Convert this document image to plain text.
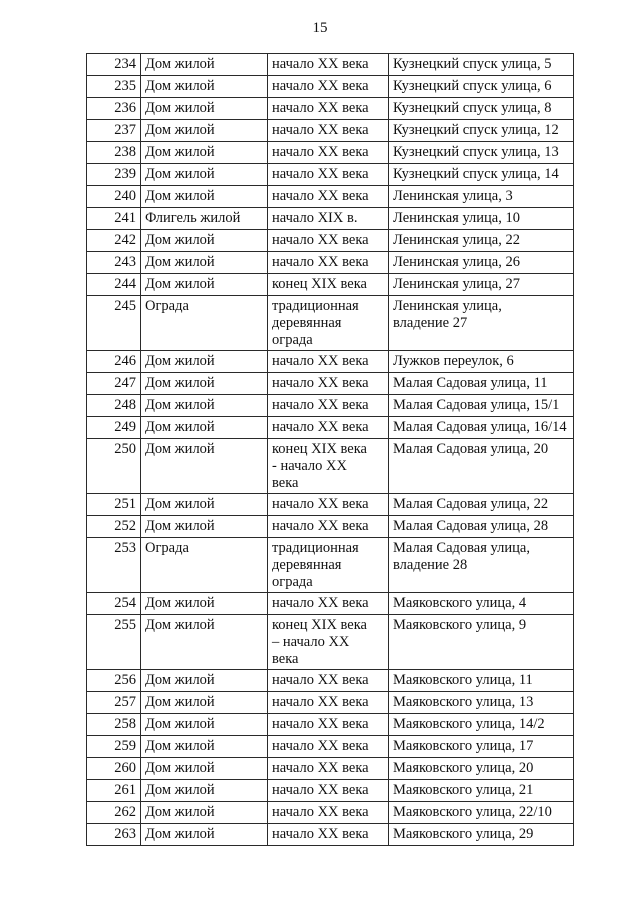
15
234	Дом жилой	начало XX века	Кузнецкий спуск улица, 5
235	Дом жилой	начало XX века	Кузнецкий спуск улица, 6
236	Дом жилой	начало XX века	Кузнецкий спуск улица, 8
237	Дом жилой	начало XX века	Кузнецкий спуск улица, 12
238	Дом жилой	начало XX века	Кузнецкий спуск улица, 13
239	Дом жилой	начало XX века	Кузнецкий спуск улица, 14
240	Дом жилой	начало XX века	Ленинская улица, 3
241	Флигель жилой	начало XIX в.	Ленинская улица, 10
242	Дом жилой	начало XX века	Ленинская улица, 22
243	Дом жилой	начало XX века	Ленинская улица, 26
244	Дом жилой	конец XIX века	Ленинская улица, 27
245	Ограда	традиционная
деревянная
ограда	Ленинская улица,
владение 27

246	Дом жилой	начало XX века	Лужков переулок, 6
247	Дом жилой	начало XX века	Малая Садовая улица, 11
248	Дом жилой	начало XX века	Малая Садовая улица, 15/1
249	Дом жилой	начало XX века	Малая Садовая улица, 16/14
250	Дом жилой	конец XIX века
- начало XX
века	Малая Садовая улица, 20
251	Дом жилой	начало XX века	Малая Садовая улица, 22
252	Дом жилой	начало XX века	Малая Садовая улица, 28
253	Ограда	традиционная
деревянная
ограда	Малая Садовая улица,
владение 28

254	Дом жилой	начало XX века	Маяковского улица, 4
255	Дом жилой	конец XIX века
– начало XX
века	Маяковского улица, 9
256	Дом жилой	начало XX века	Маяковского улица, 11
257	Дом жилой	начало XX века	Маяковского улица, 13
258	Дом жилой	начало XX века	Маяковского улица, 14/2
259	Дом жилой	начало XX века	Маяковского улица, 17
260	Дом жилой	начало XX века	Маяковского улица, 20
261	Дом жилой	начало XX века	Маяковского улица, 21
262	Дом жилой	начало XX века	Маяковского улица, 22/10
263	Дом жилой	начало XX века	Маяковского улица, 29
